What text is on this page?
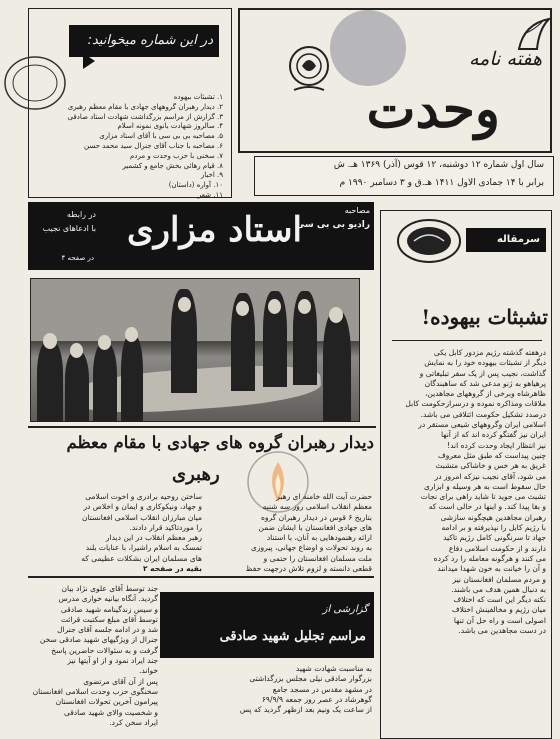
هفته نامه
وحدت
سال اول شماره ۱۲ دوشنبه، ۱۲ قوس (آذر) ۱۳۶۹ هـ. ش
برابر با ۱۴ جمادی الاول ۱۴۱۱ هـ.ق و ۳ دسامبر ۱۹۹۰ م
در این شماره میخوانید:
۱. تشبثات بیهوده
۲. دیدار رهبران گروههای جهادی با مقام معظم رهبری
۳. گزارش از مراسم بزرگداشت شهادت استاد صادقی
۴. سالروز شهادت بانوی نمونه اسلام
۵. مصاحبه بی بی سی با آقای استاد مزاری
۶. مصاحبه با جناب آقای جنرال سید محمد حسن
۷. سخنی با حزب وحدت و مردم
۸. قیام رهائی بخش جامع و کشمیر
۹. اخبار
۱۰. آواره (داستان)
۱۱. شعر
مصاحبه
رادیو بی بی سی
استاد مزاری
در رابطه
با ادعاهای نجیب
در صفحه ۴
دیدار رهبران گروه های جهادی با مقام معظم
رهبری
حضرت آیت الله خامنه ای رهبر
معظم انقلاب اسلامی روز سه شنبه
بتاریخ ۶ قوس در دیدار رهبران گروه
های جهادی افغانستان با ایشان ضمن
ارائه رهنمودهایی به آنان، با استناد
به روند تحولات و اوضاع جهانی، پیروزی
ملت مسلمان افغانستان را حتمی و
قطعی دانسته و لزوم تلاش درجهت حفظ
ساختن روحیه برادری و اخوت اسلامی
و جهاد، ونیکوکاری و ایمان و اخلاص در
میان مبارزان انقلاب اسلامی افغانستان
را موردتاکید قرار دادند.
رهبر معظم انقلاب در این دیدار
تمسک به اسلام راشیرا، با عنایات بلند
های مسلمان ایران بشکلات عظیمی که
بقیه در صفحه ۲
سرمقاله
تشبثات بیهوده!
درهفته گذشته رژیم مزدور کابل یکی
دیگر از تشبثات بیهوده خود را به نمایش
گذاشت، نجیب پس از یک سفر تبلیغاتی و
پرهیاهو به ژنو مدعی شد که ساهبندگان
ظاهرشاه وبرخی از گروههای مجاهدین،
ملاقات ومذاکره نموده و درسرازحکومت کابل
درصدد تشکیل حکومت ائتلافی می باشد.
اسلامی ایران وگروههای شیعی مستقر در
ایران نیز گفتگو کرده اند که از آنها
نیز انتظار ایجاد وحدت کرده اند!
چنین پیداست که طبق مثل معروف
غریق به هر خس و خاشاکی متشبث
می شود، آقای نجیب نیزکه امروز در
حال سقوط است به هر وسیله و ابزاری
تشبث می جوید تا شاید راهی برای نجات
و بقا پیدا کند. و اینها در حالی است که
رهبران مجاهدین هیچگونه سازشی
با رژیم کابل را نپذیرفته و بر ادامه
جهاد تا سرنگونی کامل رژیم تاکید
دارند و از حکومت اسلامی دفاع
می کنند و هرگونه معامله را رد کرده
و آن را خیانت به خون شهدا میدانند
و مردم مسلمان افغانستان نیز
به دنبال همین هدف می باشند.
نکته دیگر این است که اختلاف
میان رژیم و مخالفینش اختلاف
اصولی است و راه حل آن تنها
در دست مجاهدین می باشد.
جند توسط آقای علوی نژاد بیان
گردید. آنگاه بیانیه خواری مدرس
و سیس زندگینامه شهید صادقی
توسط آقای مبلغ سکتبت قرائت
شد و در ادامه جلسه آقای جنرال
جنرال از ویژگیهای شهید صادقی سخن
گرفت و به سئوالات حاضرین پاسخ
جند ایراد نمود و از او آیتها نیز
خواند.
پس از آن آقای مرتضوی
سخنگوی حزب وحدت اسلامی افغانستان
پیرامون آخرین تحولات افغانستان
و شخصیت والای شهید صادقی
ایراد سخن کرد.
گزارشی از
مراسم تجلیل شهید صادقی
به مناسبت شهادت شهید
بزرگوار صادقی نیلی مجلس بزرگداشتی
در مشهد مقدس در مسجد جامع
گوهرشاد در عصر روز جمعه ۶۹/۹/۹
از ساعت یک ونیم بعد ازظهر گردید که پس
